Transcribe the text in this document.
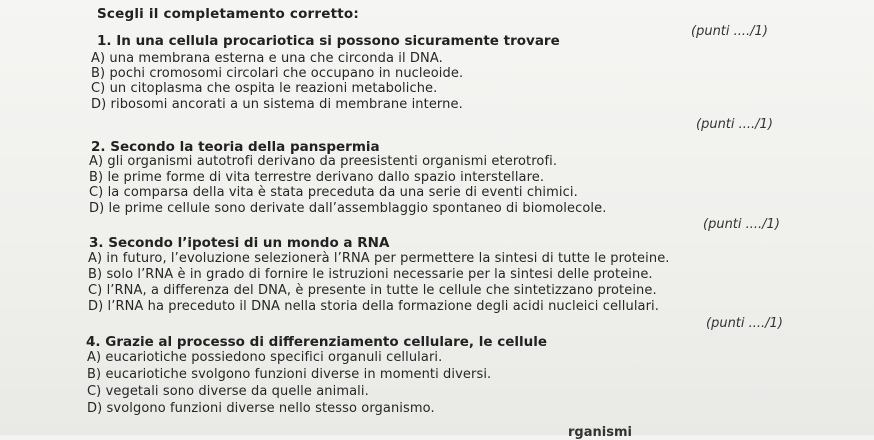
Scegli il completamento corretto:
1. In una cellula procariotica si possono sicuramente trovare
(punti ..../1)
A) una membrana esterna e una che circonda il DNA.
B) pochi cromosomi circolari che occupano in nucleoide.
C) un citoplasma che ospita le reazioni metaboliche.
D) ribosomi ancorati a un sistema di membrane interne.
2. Secondo la teoria della panspermia
(punti ..../1)
A) gli organismi autotrofi derivano da preesistenti organismi eterotrofi.
B) le prime forme di vita terrestre derivano dallo spazio interstellare.
C) la comparsa della vita è stata preceduta da una serie di eventi chimici.
D) le prime cellule sono derivate dall’assemblaggio spontaneo di biomolecole.
3. Secondo l’ipotesi di un mondo a RNA
(punti ..../1)
A) in futuro, l’evoluzione selezionerà l’RNA per permettere la sintesi di tutte le proteine.
B) solo l’RNA è in grado di fornire le istruzioni necessarie per la sintesi delle proteine.
C) l’RNA, a differenza del DNA, è presente in tutte le cellule che sintetizzano proteine.
D) l’RNA ha preceduto il DNA nella storia della formazione degli acidi nucleici cellulari.
4. Grazie al processo di differenziamento cellulare, le cellule
(punti ..../1)
A) eucariotiche possiedono specifici organuli cellulari.
B) eucariotiche svolgono funzioni diverse in momenti diversi.
C) vegetali sono diverse da quelle animali.
D) svolgono funzioni diverse nello stesso organismo.
rganismi
